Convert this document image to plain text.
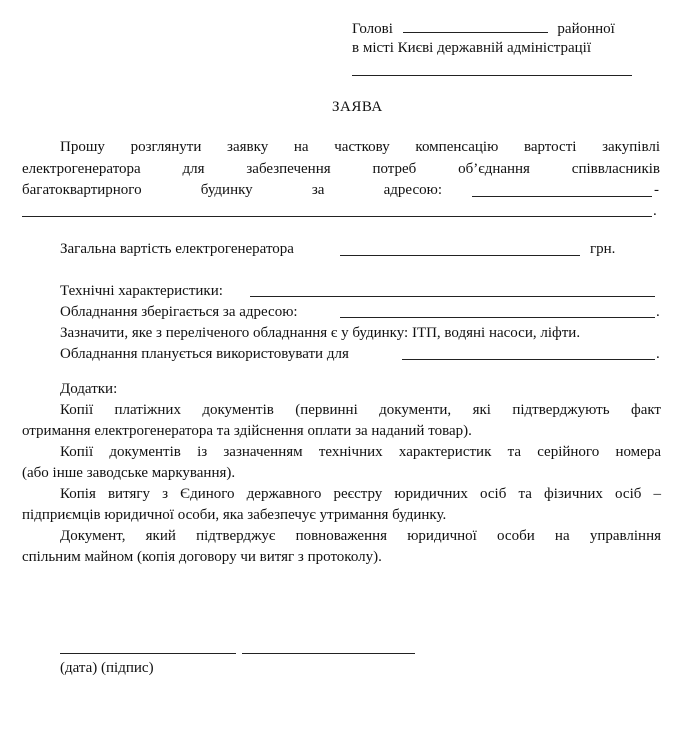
Голові	районної
в місті Києві державній адміністрації
ЗАЯВА
Прошу розглянути заявку на часткову компенсацію вартості закупівлі
електрогенератора для забезпечення потреб об’єднання співвласників
багатоквартирного будинку за адресою:	-
.
Загальна вартість електрогенератора	грн.
Технічні характеристики:
Обладнання зберігається за адресою:	.
Зазначити, яке з переліченого обладнання є у будинку: ІТП, водяні насоси, ліфти.
Обладнання планується використовувати для	.
Додатки:
Копії платіжних документів (первинні документи, які підтверджують факт
отримання електрогенератора та здійснення оплати за наданий товар).
Копії документів із зазначенням технічних характеристик та серійного номера
(або інше заводське маркування).
Копія витягу з Єдиного державного реєстру юридичних осіб та фізичних осіб –
підприємців юридичної особи, яка забезпечує утримання будинку.
Документ, який підтверджує повноваження юридичної особи на управління
спільним майном (копія договору чи витяг з протоколу).
(дата) (підпис)
